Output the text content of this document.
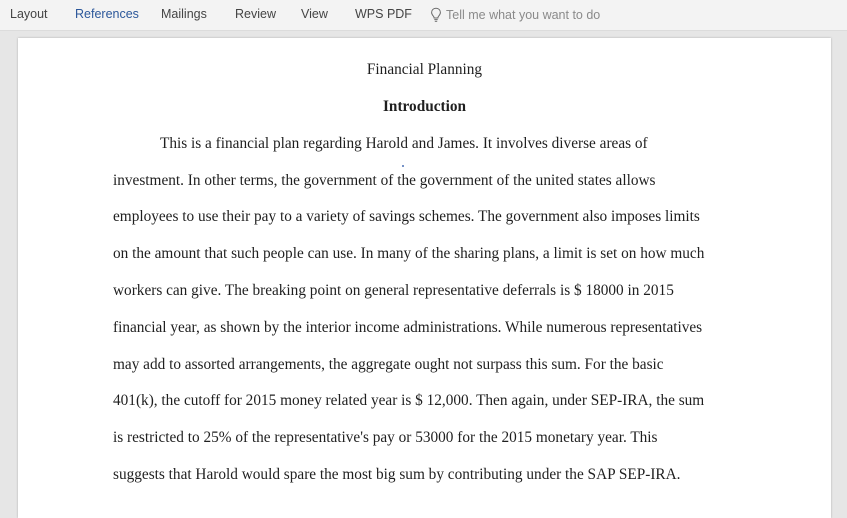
Layout References Mailings Review View WPS PDF	Tell me what you want to do
Financial Planning
Introduction
This is a financial plan regarding Harold and James. It involves diverse areas of
investment. In other terms, the government of the government of the united states allows
employees to use their pay to a variety of savings schemes. The government also imposes limits
on the amount that such people can use. In many of the sharing plans, a limit is set on how much
workers can give. The breaking point on general representative deferrals is $ 18000 in 2015
financial year, as shown by the interior income administrations. While numerous representatives
may add to assorted arrangements, the aggregate ought not surpass this sum. For the basic
401(k), the cutoff for 2015 money related year is $ 12,000. Then again, under SEP-IRA, the sum
is restricted to 25% of the representative's pay or 53000 for the 2015 monetary year. This
suggests that Harold would spare the most big sum by contributing under the SAP SEP-IRA.
